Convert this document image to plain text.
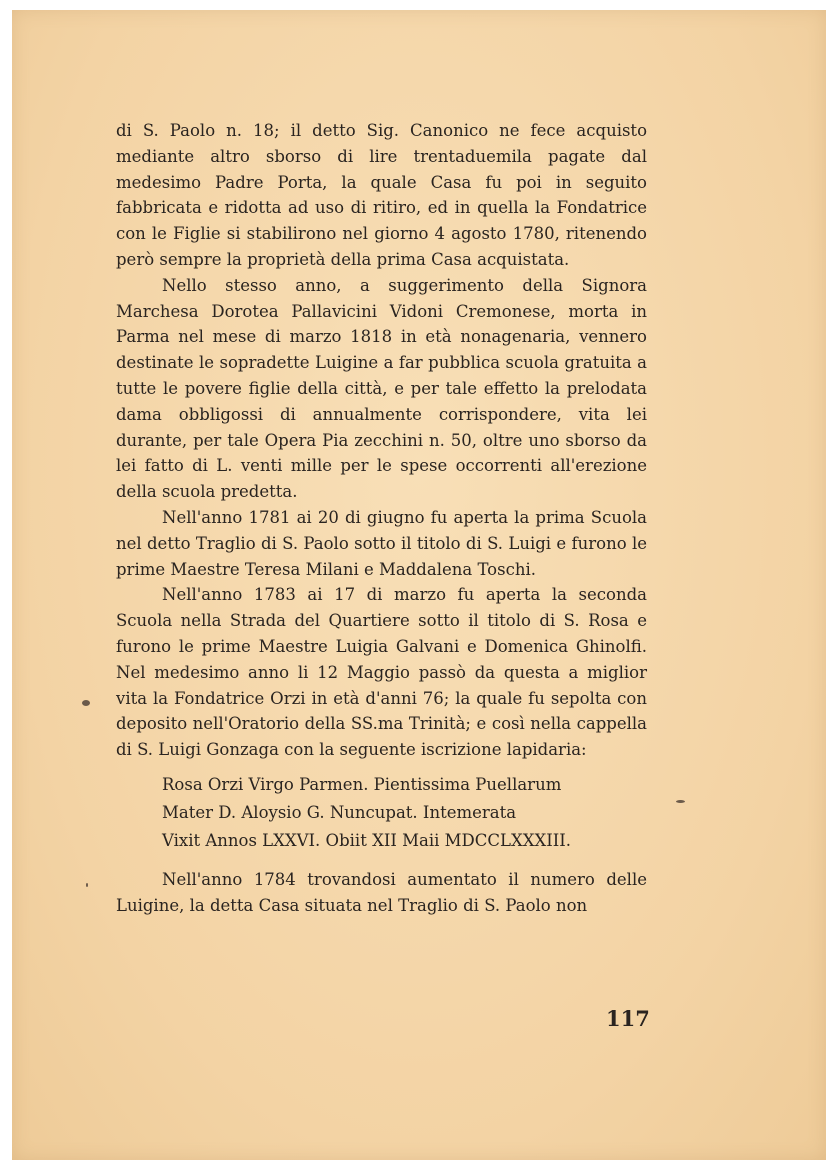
di S. Paolo n. 18; il detto Sig. Canonico ne fece acquisto mediante altro sborso di lire trentaduemila pagate dal medesimo Padre Porta, la quale Casa fu poi in seguito fabbricata e ridotta ad uso di ritiro, ed in quella la Fondatrice con le Figlie si stabilirono nel giorno 4 agosto 1780, ritenendo però sempre la proprietà della prima Casa acquistata.

Nello stesso anno, a suggerimento della Signora Marchesa Dorotea Pallavicini Vidoni Cremonese, morta in Parma nel mese di marzo 1818 in età nonagenaria, vennero destinate le sopradette Luigine a far pubblica scuola gratuita a tutte le povere figlie della città, e per tale effetto la prelodata dama obbligossi di annualmente corrispondere, vita lei durante, per tale Opera Pia zecchini n. 50, oltre uno sborso da lei fatto di L. venti mille per le spese occorrenti all'erezione della scuola predetta.

Nell'anno 1781 ai 20 di giugno fu aperta la prima Scuola nel detto Traglio di S. Paolo sotto il titolo di S. Luigi e furono le prime Maestre Teresa Milani e Maddalena Toschi.

Nell'anno 1783 ai 17 di marzo fu aperta la seconda Scuola nella Strada del Quartiere sotto il titolo di S. Rosa e furono le prime Maestre Luigia Galvani e Domenica Ghinolfi. Nel medesimo anno li 12 Maggio passò da questa a miglior vita la Fondatrice Orzi in età d'anni 76; la quale fu sepolta con deposito nell'Oratorio della SS.ma Trinità; e così nella cappella di S. Luigi Gonzaga con la seguente iscrizione lapidaria:

Rosa Orzi Virgo Parmen. Pientissima Puellarum
Mater D. Aloysio G. Nuncupat. Intemerata
Vixit Annos LXXVI. Obiit XII Maii MDCCLXXXIII.

Nell'anno 1784 trovandosi aumentato il numero delle Luigine, la detta Casa situata nel Traglio di S. Paolo non

117
